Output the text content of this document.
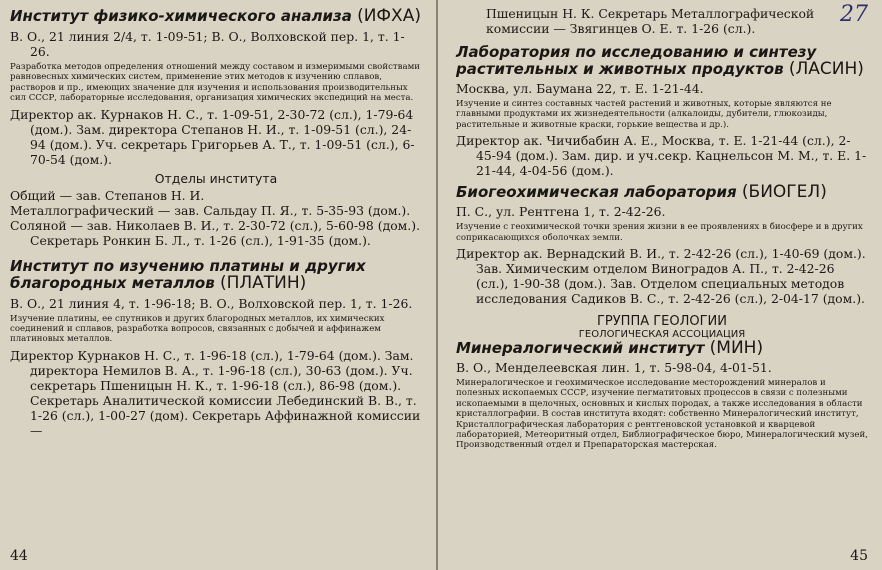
Институт физико-химического анализа (ИФХА)

В. О., 21 линия 2/4, т. 1-09-51; В. О., Волховской пер. 1, т. 1-26.

Разработка методов определения отношений между составом и измеримыми свойствами равновесных химических систем, применение этих методов к изучению сплавов, растворов и пр., имеющих значение для изучения и использования производительных сил СССР, лабораторные исследования, организация химических экспедиций на места.

Директор ак. Курнаков Н. С., т. 1-09-51, 2-30-72 (сл.), 1-79-64 (дом.). Зам. директора Степанов Н. И., т. 1-09-51 (сл.), 24-94 (дом.). Уч. секретарь Григорьев А. Т., т. 1-09-51 (сл.), 6-70-54 (дом.).

Отделы института

Общий — зав. Степанов Н. И.

Металлографический — зав. Сальдау П. Я., т. 5-35-93 (дом.).

Соляной — зав. Николаев В. И., т. 2-30-72 (сл.), 5-60-98 (дом.). Секретарь Ронкин Б. Л., т. 1-26 (сл.), 1-91-35 (дом.).

Институт по изучению платины и других благородных металлов (ПЛАТИН)

В. О., 21 линия 4, т. 1-96-18; В. О., Волховской пер. 1, т. 1-26.

Изучение платины, ее спутников и других благородных металлов, их химических соединений и сплавов, разработка вопросов, связанных с добычей и аффинажем платиновых металлов.

Директор Курнаков Н. С., т. 1-96-18 (сл.), 1-79-64 (дом.). Зам. директора Немилов В. А., т. 1-96-18 (сл.), 30-63 (дом.). Уч. секретарь Пшеницын Н. К., т. 1-96-18 (сл.), 86-98 (дом.). Секретарь Аналитической комиссии Лебединский В. В., т. 1-26 (сл.), 1-00-27 (дом). Секретарь Аффинажной комиссии —

44
27

Пшеницын Н. К. Секретарь Металлографической комиссии — Звягинцев О. Е. т. 1-26 (сл.).

Лаборатория по исследованию и синтезу растительных и животных продуктов (ЛАСИН)

Москва, ул. Баумана 22, т. Е. 1-21-44.

Изучение и синтез составных частей растений и животных, которые являются не главными продуктами их жизнедеятельности (алкалоиды, дубители, глюкозиды, растительные и животные краски, горькие вещества и др.).

Директор ак. Чичибабин А. Е., Москва, т. Е. 1-21-44 (сл.), 2-45-94 (дом.). Зам. дир. и уч.секр. Кацнельсон М. М., т. Е. 1-21-44, 4-04-56 (дом.).

Биогеохимическая лаборатория (БИОГЕЛ)

П. С., ул. Рентгена 1, т. 2-42-26.

Изучение с геохимической точки зрения жизни в ее проявлениях в биосфере и в других соприкасающихся оболочках земли.

Директор ак. Вернадский В. И., т. 2-42-26 (сл.), 1-40-69 (дом.). Зав. Химическим отделом Виноградов А. П., т. 2-42-26 (сл.), 1-90-38 (дом.). Зав. Отделом специальных методов исследования Садиков В. С., т. 2-42-26 (сл.), 2-04-17 (дом.).

ГРУППА ГЕОЛОГИИ

ГЕОЛОГИЧЕСКАЯ АССОЦИАЦИЯ

Минералогический институт (МИН)

В. О., Менделеевская лин. 1, т. 5-98-04, 4-01-51.

Минералогическое и геохимическое исследование месторождений минералов и полезных ископаемых СССР, изучение пегматитовых процессов в связи с полезными ископаемыми в щелочных, основных и кислых породах, а также исследования в области кристаллографии. В состав института входят: собственно Минералогический институт, Кристаллографическая лаборатория с рентгеновской установкой и кварцевой лабораторией, Метеоритный отдел, Библиографическое бюро, Минералогический музей, Производственный отдел и Препараторская мастерская.

45
